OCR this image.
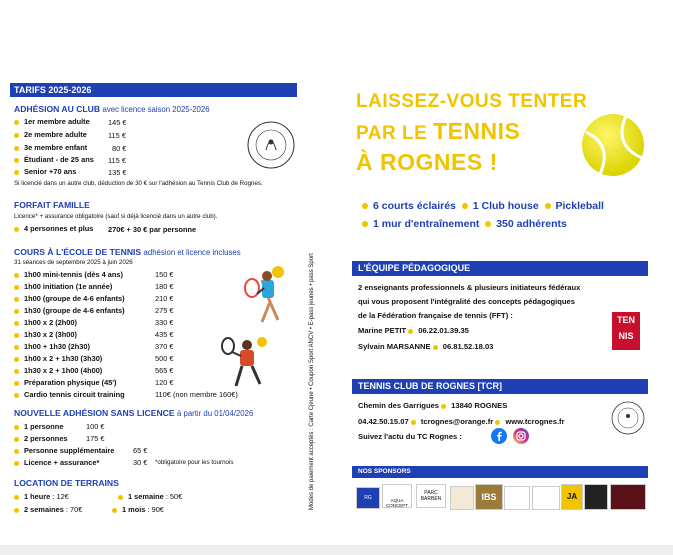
TARIFS 2025-2026
ADHÉSION AU CLUB avec licence saison 2025-2026
1er membre adulte 145 €
2e membre adulte	115 €
3e membre enfant	80 €
Étudiant - de 25 ans 115 €
Senior +70 ans	135 €
Si licencié dans un autre club, déduction de 30 € sur l'adhésion au Tennis Club de Rognes.
FORFAIT FAMILLE
Licence* + assurance obligatoire (sauf si déjà licencié dans un autre club).
4 personnes et plus 270€ + 30 € par personne
COURS À L'ÉCOLE DE TENNIS adhésion et licence incluses
31 séances de septembre 2025 à juin 2026
1h00 mini-tennis (dès 4 ans)	150 €
1h00 initiation (1e année)	180 €
1h00 (groupe de 4-6 enfants)	210 €
1h30 (groupe de 4-6 enfants)	275 €
1h00 x 2 (2h00)	330 €
1h30 x 2 (3h00)	435 €
1h00 + 1h30 (2h30)	370 €
1h00 x 2 + 1h30 (3h30)	500 €
1h30 x 2 + 1h00 (4h00)	565 €
Préparation physique (45')	120 €
Cardio tennis circuit training	110€ (non membre 160€)
NOUVELLE ADHÉSION SANS LICENCE à partir du 01/04/2026
1 personne	100 €
2 personnes 175 €
Personne supplémentaire	65 €
Licence + assurance*	30 € *obligatoire pour les tournois
LOCATION DE TERRAINS
1 heure : 12€	1 semaine : 50€
2 semaines : 70€	1 mois : 90€	Modes de paiement acceptés : Carte Cjeune • Coupon Sport ANCV • E-pass jeunes • pass Sport
LAISSEZ-VOUS TENTER
PAR LE TENNIS
À ROGNES !
6 courts éclairés 1 Club house Pickleball
1 mur d'entraînement 350 adhérents
L'ÉQUIPE PÉDAGOGIQUE
2 enseignants professionnels & plusieurs initiateurs fédéraux
qui vous proposent l'intégralité des concepts pédagogiques
de la Fédération française de tennis (FFT) :
Marine PETIT 06.22.01.39.35
Sylvain MARSANNE 06.81.52.18.03
TEN
NIS
TENNIS CLUB DE ROGNES [TCR]
Chemin des Garrigues 13840 ROGNES
04.42.50.15.07 tcrognes@orange.fr www.tcrognes.fr
Suivez l'actu du TC Rognes :
NOS SPONSORS
RG	AQUA CONCEPT
PARC BARBEN	IBS	JA
